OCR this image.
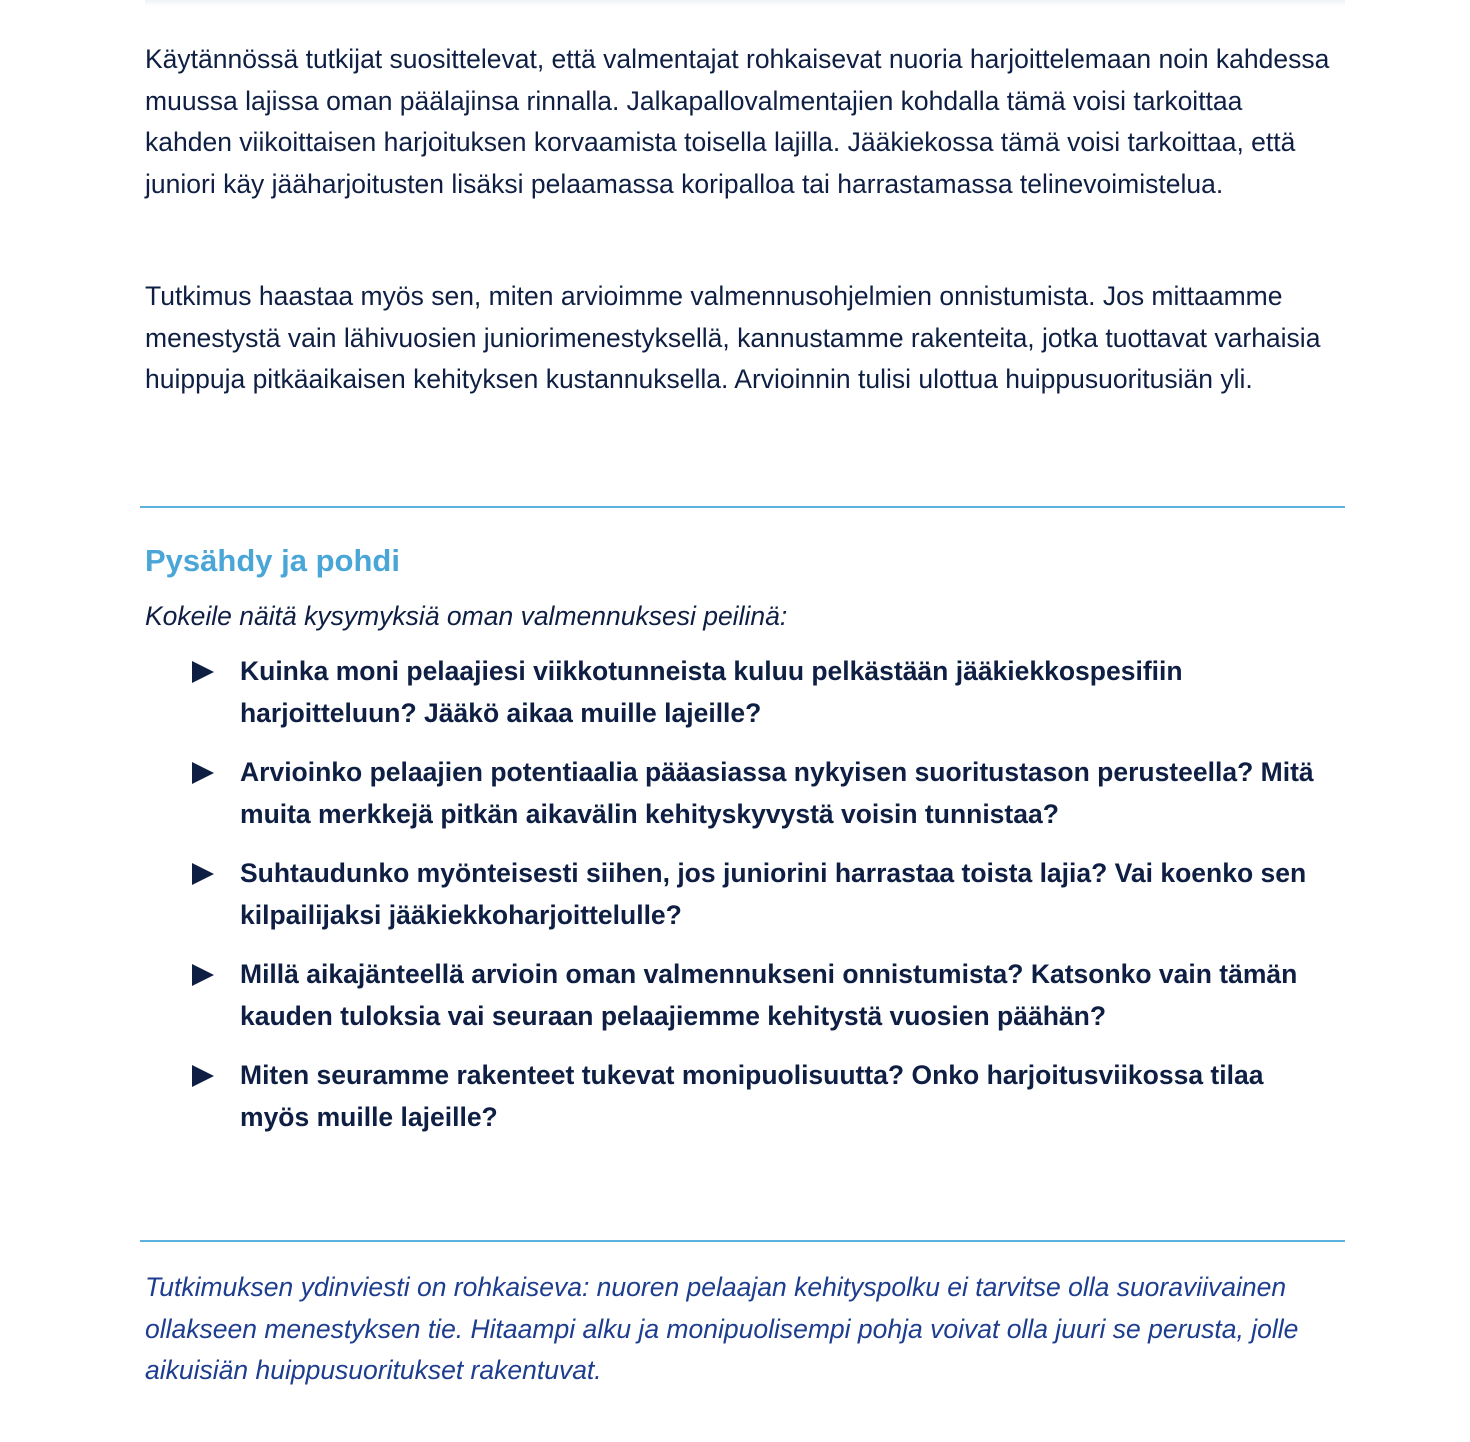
Käytännössä tutkijat suosittelevat, että valmentajat rohkaisevat nuoria harjoittelemaan noin kahdessa muussa lajissa oman päälajinsa rinnalla. Jalkapallovalmentajien kohdalla tämä voisi tarkoittaa kahden viikoittaisen harjoituksen korvaamista toisella lajilla. Jääkiekossa tämä voisi tarkoittaa, että juniori käy jääharjoitusten lisäksi pelaamassa koripalloa tai harrastamassa telinevoimistelua.

Tutkimus haastaa myös sen, miten arvioimme valmennusohjelmien onnistumista. Jos mittaamme menestystä vain lähivuosien juniorimenestyksellä, kannustamme rakenteita, jotka tuottavat varhaisia huippuja pitkäaikaisen kehityksen kustannuksella. Arvioinnin tulisi ulottua huippusuoritusiän yli.

Pysähdy ja pohdi

Kokeile näitä kysymyksiä oman valmennuksesi peilinä:

Kuinka moni pelaajiesi viikkotunneista kuluu pelkästään jääkiekkospesifiin harjoitteluun? Jääkö aikaa muille lajeille?
Arvioinko pelaajien potentiaalia pääasiassa nykyisen suoritustason perusteella? Mitä muita merkkejä pitkän aikavälin kehityskyvystä voisin tunnistaa?
Suhtaudunko myönteisesti siihen, jos juniorini harrastaa toista lajia? Vai koenko sen kilpailijaksi jääkiekkoharjoittelulle?
Millä aikajänteellä arvioin oman valmennukseni onnistumista? Katsonko vain tämän kauden tuloksia vai seuraan pelaajiemme kehitystä vuosien päähän?
Miten seuramme rakenteet tukevat monipuolisuutta? Onko harjoitusviikossa tilaa myös muille lajeille?

Tutkimuksen ydinviesti on rohkaiseva: nuoren pelaajan kehityspolku ei tarvitse olla suoraviivainen ollakseen menestyksen tie. Hitaampi alku ja monipuolisempi pohja voivat olla juuri se perusta, jolle aikuisiän huippusuoritukset rakentuvat.
